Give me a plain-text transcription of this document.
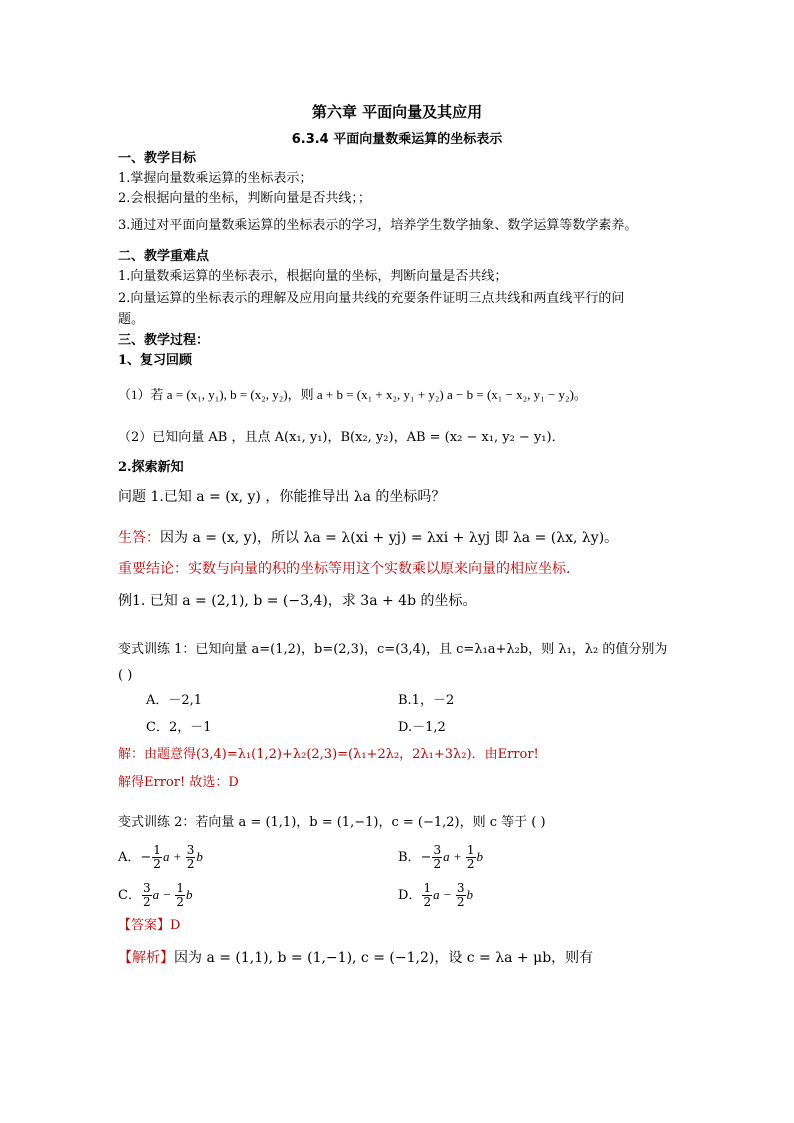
第六章 平面向量及其应用
6.3.4 平面向量数乘运算的坐标表示
一、教学目标
1.掌握向量数乘运算的坐标表示；
2.会根据向量的坐标，判断向量是否共线；；
3.通过对平面向量数乘运算的坐标表示的学习，培养学生数学抽象、数学运算等数学素养。
二、教学重难点
1.向量数乘运算的坐标表示，根据向量的坐标，判断向量是否共线；
2.向量运算的坐标表示的理解及应用向量共线的充要条件证明三点共线和两直线平行的问
题。
三、教学过程：
1、复习回顾
（1）若 a = (x₁, y₁), b = (x₂, y₂)，则 a + b = (x₁ + x₂, y₁ + y₂) a − b = (x₁ − x₂, y₁ − y₂)。
（2）已知向量 AB ，且点 A(x₁, y₁)，B(x₂, y₂)，AB = (x₂ − x₁, y₂ − y₁)．
2.探索新知
问题 1.已知 a = (x, y) ，你能推导出 λa 的坐标吗？
生答：因为 a = (x, y)，所以 λa = λ(xi + yj) = λxi + λyj 即 λa = (λx, λy)。
重要结论：实数与向量的积的坐标等用这个实数乘以原来向量的相应坐标.
例1. 已知 a = (2,1), b = (−3,4)，求 3a + 4b 的坐标。
变式训练 1：已知向量 a=(1,2)，b=(2,3)，c=(3,4)，且 c=λ₁a+λ₂b，则 λ₁，λ₂ 的值分别为
( )
A．－2,1	B.1，－2
C．2，－1	D.－1,2
解：由题意得(3,4)=λ₁(1,2)+λ₂(2,3)=(λ₁+2λ₂，2λ₁+3λ₂)．由Error!
解得Error! 故选：D
变式训练 2：若向量 a = (1,1)，b = (1,−1)，c = (−1,2)，则 c 等于 ( )
A．− $\frac{1}{2}$ $a + \frac{3}{2}$ b	B．− $\frac{3}{2}$ $a + \frac{1}{2}$ b
C． $\frac{3}{2}$ $a - \frac{1}{2}$ b	D． $\frac{1}{2}$ $a - \frac{3}{2}$ b
【答案】D
【解析】因为 a = (1,1), b = (1,−1), c = (−1,2)，设 c = λa + μb，则有
